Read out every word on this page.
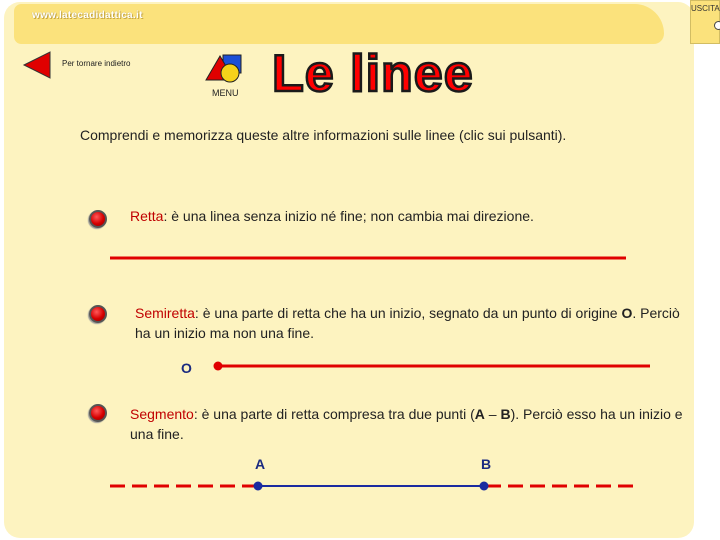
www.latecadidattica.it
USCITA
Per tornare indietro
MENU Le linee
Comprendi e memorizza queste altre informazioni sulle linee (clic sui pulsanti).
Retta: è una linea senza inizio né fine; non cambia mai direzione.
Semiretta: è una parte di retta che ha un inizio, segnato da un punto di origine O. Perciò ha un inizio ma non una fine.
O
Segmento: è una parte di retta compresa tra due punti (A – B). Perciò esso ha un inizio e una fine.
A	B
